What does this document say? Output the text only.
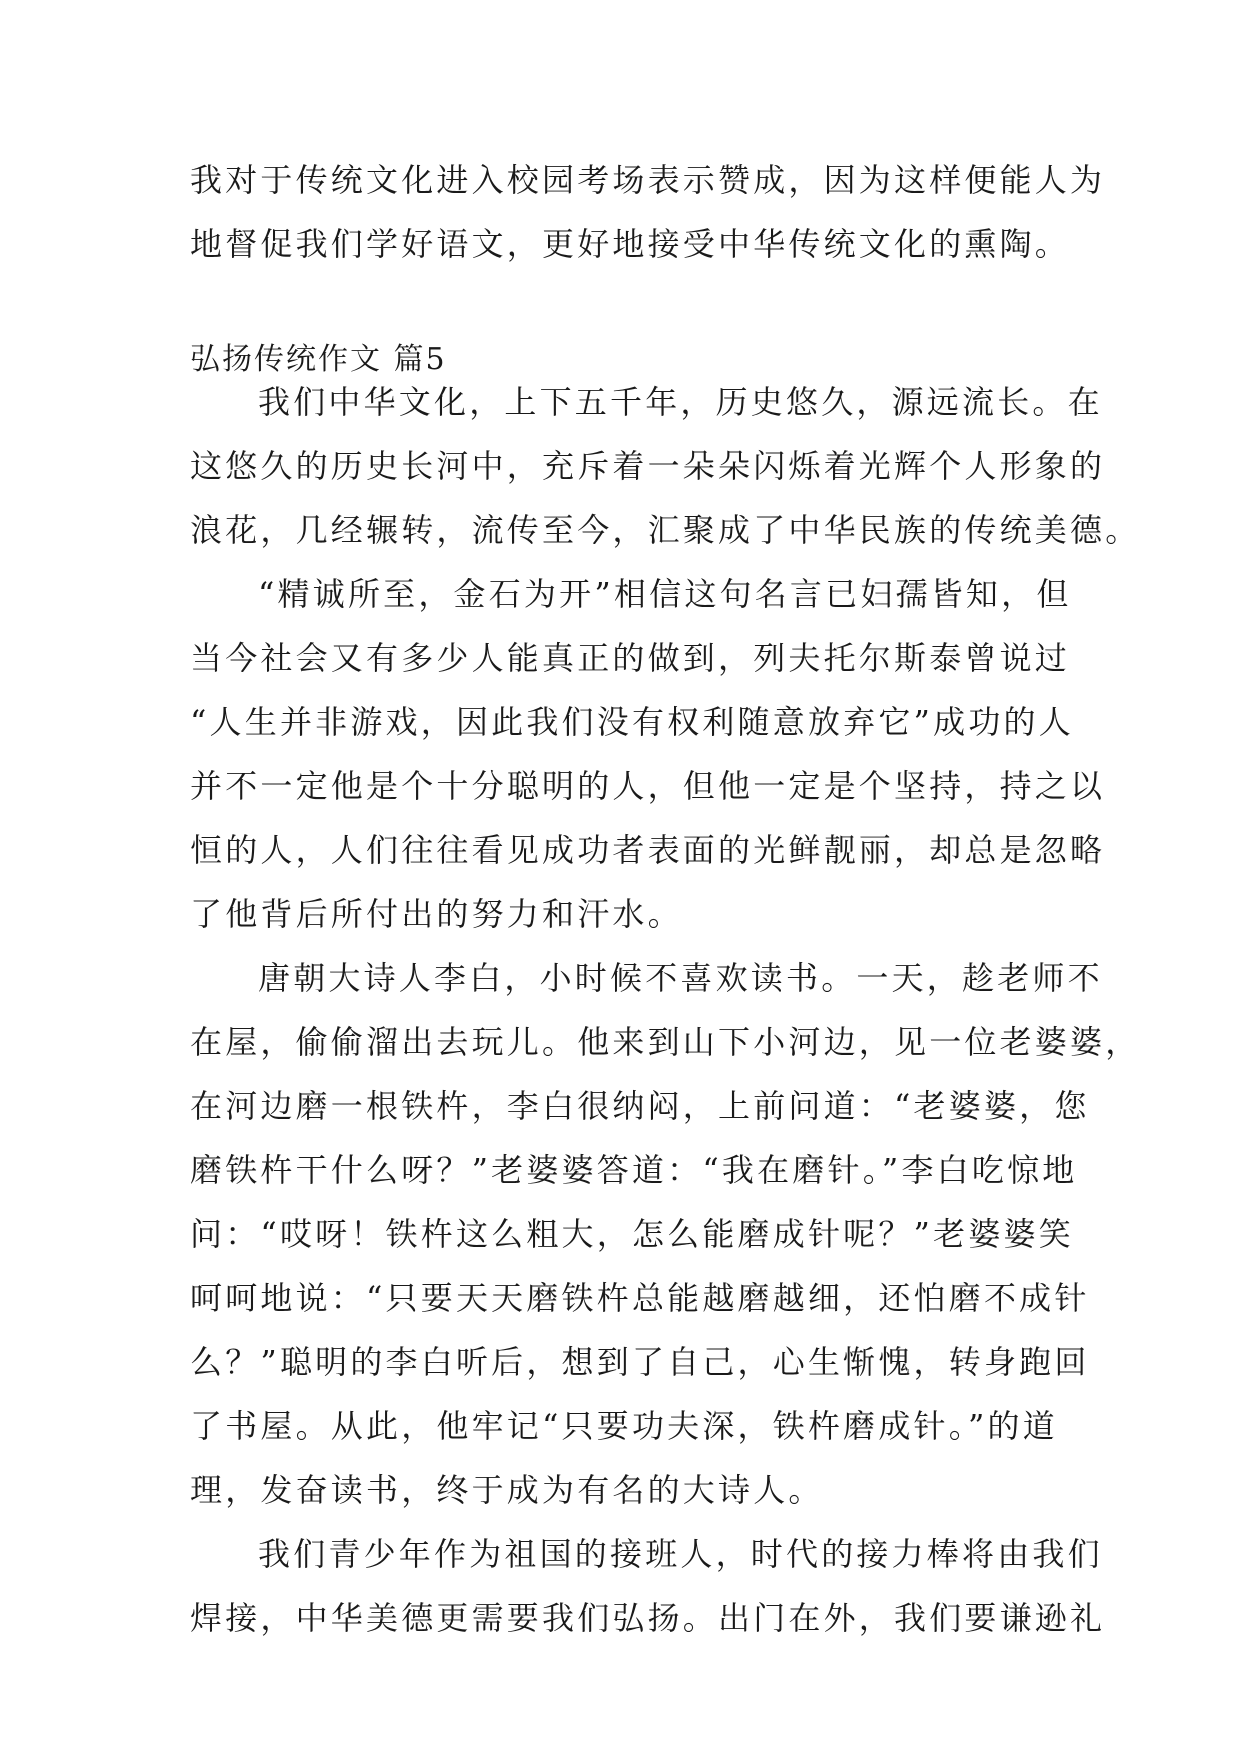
我对于传统文化进入校园考场表示赞成，因为这样便能人为
地督促我们学好语文，更好地接受中华传统文化的熏陶。
弘扬传统作文 篇5
我们中华文化，上下五千年，历史悠久，源远流长。在
这悠久的历史长河中，充斥着一朵朵闪烁着光辉个人形象的
浪花，几经辗转，流传至今，汇聚成了中华民族的传统美德。
“精诚所至，金石为开”相信这句名言已妇孺皆知，但
当今社会又有多少人能真正的做到，列夫托尔斯泰曾说过
“人生并非游戏，因此我们没有权利随意放弃它”成功的人
并不一定他是个十分聪明的人，但他一定是个坚持，持之以
恒的人，人们往往看见成功者表面的光鲜靓丽，却总是忽略
了他背后所付出的努力和汗水。
唐朝大诗人李白，小时候不喜欢读书。一天，趁老师不
在屋，偷偷溜出去玩儿。他来到山下小河边，见一位老婆婆，
在河边磨一根铁杵，李白很纳闷，上前问道：“老婆婆，您
磨铁杵干什么呀？”老婆婆答道：“我在磨针。”李白吃惊地
问：“哎呀！铁杵这么粗大，怎么能磨成针呢？”老婆婆笑
呵呵地说：“只要天天磨铁杵总能越磨越细，还怕磨不成针
么？”聪明的李白听后，想到了自己，心生惭愧，转身跑回
了书屋。从此，他牢记“只要功夫深，铁杵磨成针。”的道
理，发奋读书，终于成为有名的大诗人。
我们青少年作为祖国的接班人，时代的接力棒将由我们
焊接，中华美德更需要我们弘扬。出门在外，我们要谦逊礼
